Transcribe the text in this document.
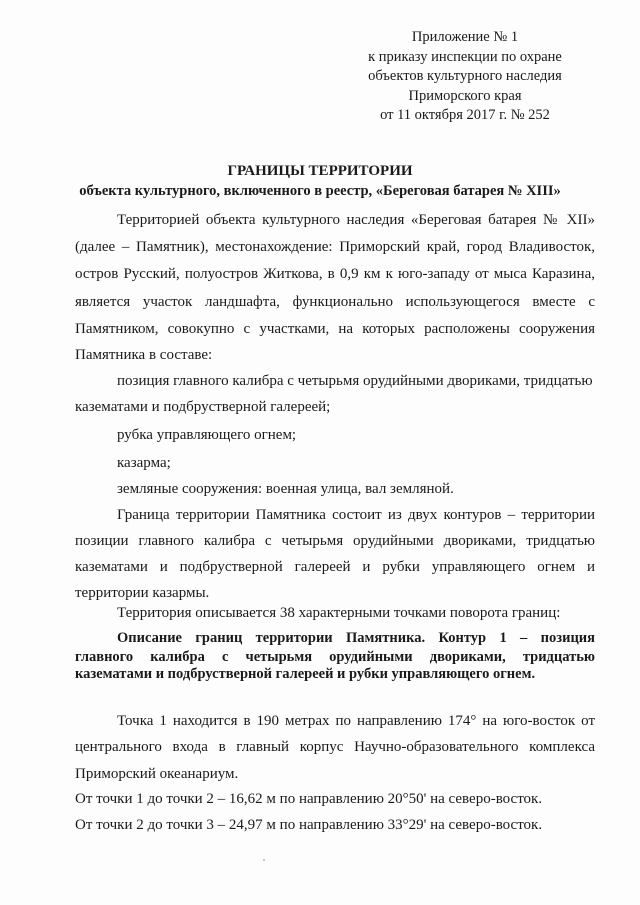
Приложение № 1
к приказу инспекции по охране
объектов культурного наследия
Приморского края
от 11 октября 2017 г. № 252
ГРАНИЦЫ ТЕРРИТОРИИ
объекта культурного, включенного в реестр, «Береговая батарея № XIII»
Территорией объекта культурного наследия «Береговая батарея № XII»
(далее – Памятник), местонахождение: Приморский край, город Владивосток,
остров Русский, полуостров Житкова, в 0,9 км к юго-западу от мыса Каразина,
является участок ландшафта, функционально использующегося вместе с
Памятником, совокупно с участками, на которых расположены сооружения
Памятника в составе:
позиция главного калибра с четырьмя орудийными двориками, тридцатью
казематами и подбрустверной галереей;
рубка управляющего огнем;
казарма;
земляные сооружения: военная улица, вал земляной.
Граница территории Памятника состоит из двух контуров – территории
позиции главного калибра с четырьмя орудийными двориками, тридцатью
казематами и подбрустверной галереей и рубки управляющего огнем и
территории казармы.
Территория описывается 38 характерными точками поворота границ:
Описание границ территории Памятника. Контур 1 – позиция
главного калибра с четырьмя орудийными двориками, тридцатью
казематами и подбрустверной галереей и рубки управляющего огнем.
Точка 1 находится в 190 метрах по направлению 174° на юго-восток от
центрального входа в главный корпус Научно-образовательного комплекса
Приморский океанариум.
От точки 1 до точки 2 – 16,62 м по направлению 20°50' на северо-восток.
От точки 2 до точки 3 – 24,97 м по направлению 33°29' на северо-восток.
